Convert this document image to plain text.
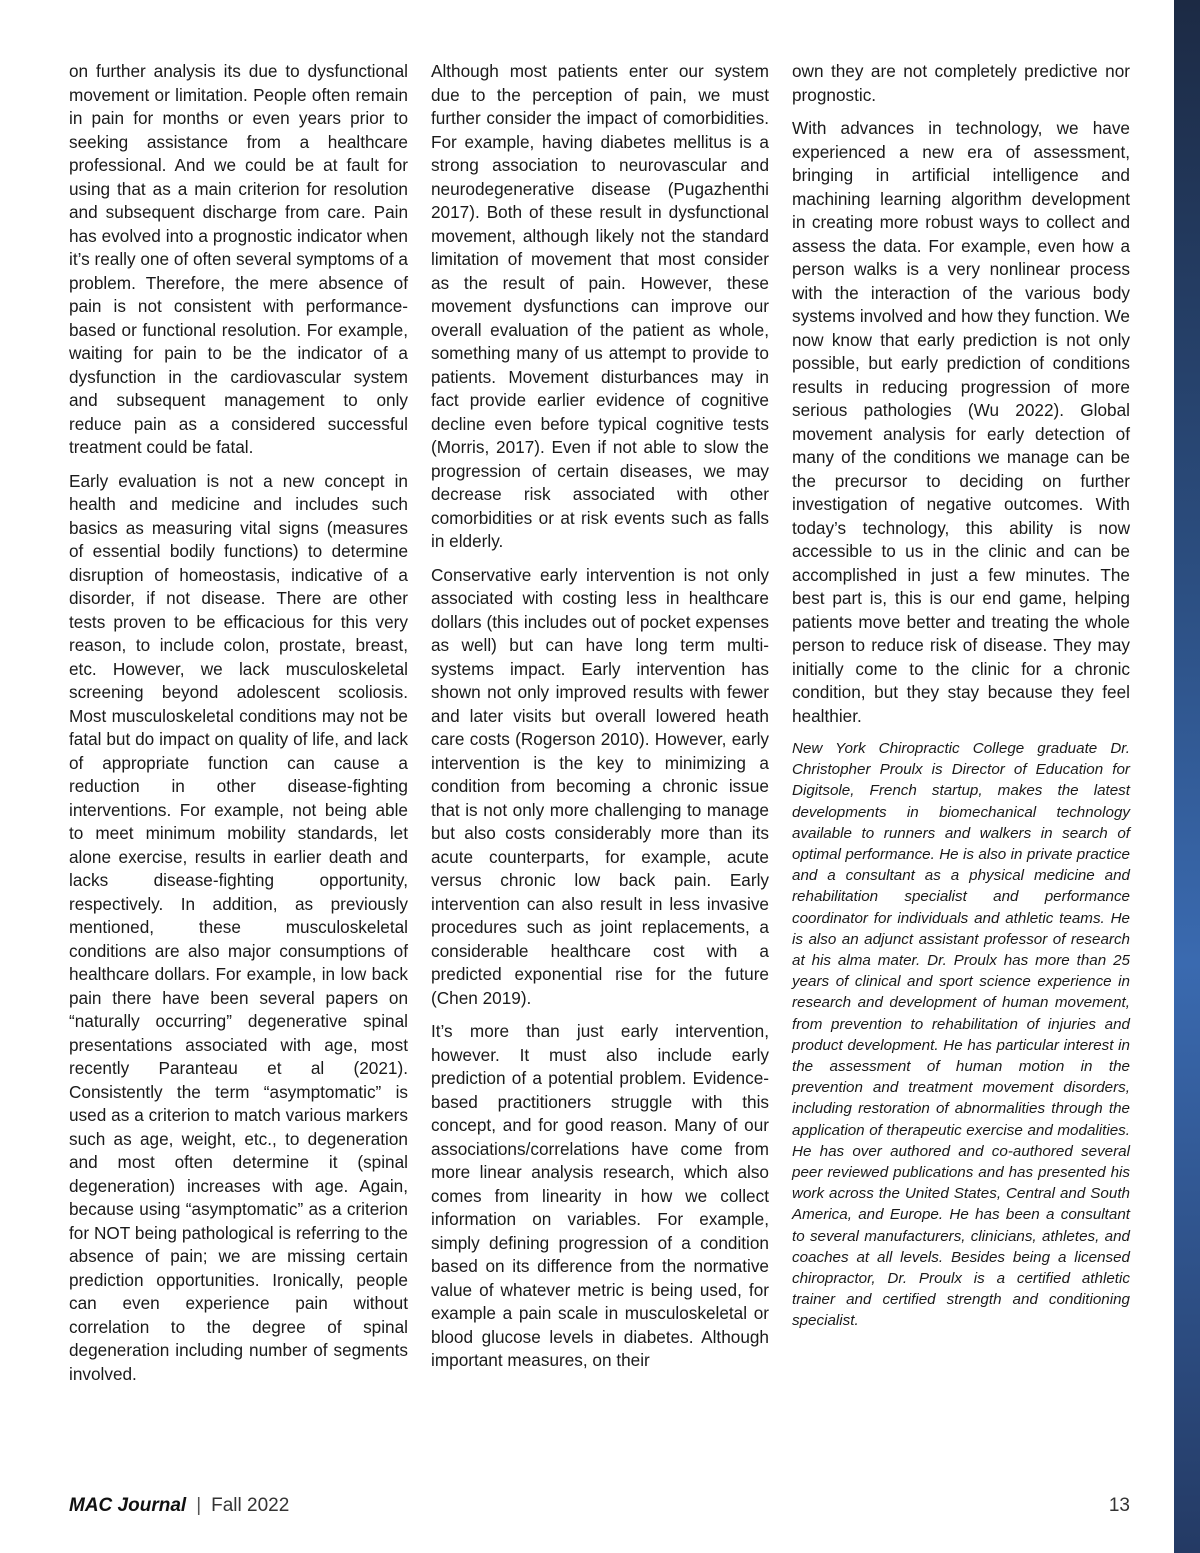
on further analysis its due to dysfunctional movement or limitation. People often remain in pain for months or even years prior to seeking assistance from a healthcare professional. And we could be at fault for using that as a main criterion for resolution and subsequent discharge from care. Pain has evolved into a prognostic indicator when it’s really one of often several symptoms of a problem. Therefore, the mere absence of pain is not consistent with performance-based or functional resolution. For example, waiting for pain to be the indicator of a dysfunction in the cardiovascular system and subsequent management to only reduce pain as a considered successful treatment could be fatal.

Early evaluation is not a new concept in health and medicine and includes such basics as measuring vital signs (measures of essential bodily functions) to determine disruption of homeostasis, indicative of a disorder, if not disease. There are other tests proven to be efficacious for this very reason, to include colon, prostate, breast, etc. However, we lack musculoskeletal screening beyond adolescent scoliosis. Most musculoskeletal conditions may not be fatal but do impact on quality of life, and lack of appropriate function can cause a reduction in other disease-fighting interventions. For example, not being able to meet minimum mobility standards, let alone exercise, results in earlier death and lacks disease-fighting opportunity, respectively. In addition, as previously mentioned, these musculoskeletal conditions are also major consumptions of healthcare dollars. For example, in low back pain there have been several papers on “naturally occurring” degenerative spinal presentations associated with age, most recently Paranteau et al (2021). Consistently the term “asymptomatic” is used as a criterion to match various markers such as age, weight, etc., to degeneration and most often determine it (spinal degeneration) increases with age. Again, because using “asymptomatic” as a criterion for NOT being pathological is referring to the absence of pain; we are missing certain prediction opportunities. Ironically, people can even experience pain without correlation to the degree of spinal degeneration including number of segments involved.

Although most patients enter our system due to the perception of pain, we must further consider the impact of comorbidities. For example, having diabetes mellitus is a strong association to neurovascular and neurodegenerative disease (Pugazhenthi 2017). Both of these result in dysfunctional movement, although likely not the standard limitation of movement that most consider as the result of pain. However, these movement dysfunctions can improve our overall evaluation of the patient as whole, something many of us attempt to provide to patients. Movement disturbances may in fact provide earlier evidence of cognitive decline even before typical cognitive tests (Morris, 2017). Even if not able to slow the progression of certain diseases, we may decrease risk associated with other comorbidities or at risk events such as falls in elderly.

Conservative early intervention is not only associated with costing less in healthcare dollars (this includes out of pocket expenses as well) but can have long term multi-systems impact. Early intervention has shown not only improved results with fewer and later visits but overall lowered heath care costs (Rogerson 2010). However, early intervention is the key to minimizing a condition from becoming a chronic issue that is not only more challenging to manage but also costs considerably more than its acute counterparts, for example, acute versus chronic low back pain. Early intervention can also result in less invasive procedures such as joint replacements, a considerable healthcare cost with a predicted exponential rise for the future (Chen 2019).

It’s more than just early intervention, however. It must also include early prediction of a potential problem. Evidence-based practitioners struggle with this concept, and for good reason. Many of our associations/correlations have come from more linear analysis research, which also comes from linearity in how we collect information on variables. For example, simply defining progression of a condition based on its difference from the normative value of whatever metric is being used, for example a pain scale in musculoskeletal or blood glucose levels in diabetes. Although important measures, on their

own they are not completely predictive nor prognostic.

With advances in technology, we have experienced a new era of assessment, bringing in artificial intelligence and machining learning algorithm development in creating more robust ways to collect and assess the data. For example, even how a person walks is a very nonlinear process with the interaction of the various body systems involved and how they function. We now know that early prediction is not only possible, but early prediction of conditions results in reducing progression of more serious pathologies (Wu 2022). Global movement analysis for early detection of many of the conditions we manage can be the precursor to deciding on further investigation of negative outcomes. With today’s technology, this ability is now accessible to us in the clinic and can be accomplished in just a few minutes. The best part is, this is our end game, helping patients move better and treating the whole person to reduce risk of disease. They may initially come to the clinic for a chronic condition, but they stay because they feel healthier.

New York Chiropractic College graduate Dr. Christopher Proulx is Director of Education for Digitsole, French startup, makes the latest developments in biomechanical technology available to runners and walkers in search of optimal performance. He is also in private practice and a consultant as a physical medicine and rehabilitation specialist and performance coordinator for individuals and athletic teams. He is also an adjunct assistant professor of research at his alma mater. Dr. Proulx has more than 25 years of clinical and sport science experience in research and development of human movement, from prevention to rehabilitation of injuries and product development. He has particular interest in the assessment of human motion in the prevention and treatment movement disorders, including restoration of abnormalities through the application of therapeutic exercise and modalities. He has over authored and co-authored several peer reviewed publications and has presented his work across the United States, Central and South America, and Europe. He has been a consultant to several manufacturers, clinicians, athletes, and coaches at all levels. Besides being a licensed chiropractor, Dr. Proulx is a certified athletic trainer and certified strength and conditioning specialist.

MAC Journal | Fall 2022	13
